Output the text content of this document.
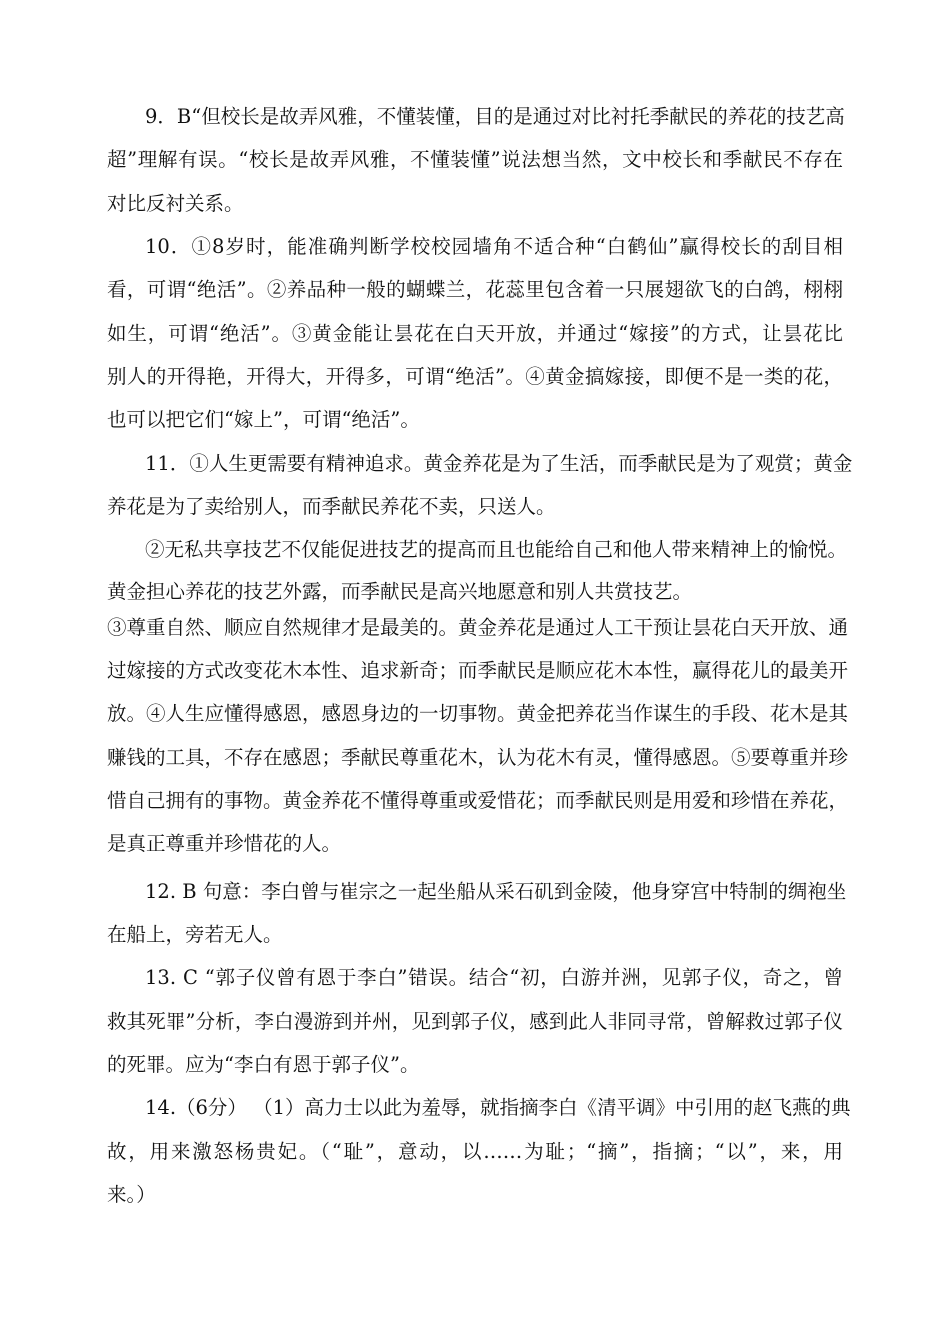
9．B“但校长是故弄风雅，不懂装懂，目的是通过对比衬托季献民的养花的技艺高

超”理解有误。“校长是故弄风雅，不懂装懂”说法想当然，文中校长和季献民不存在

对比反衬关系。

10．①8岁时，能准确判断学校校园墙角不适合种“白鹤仙”赢得校长的刮目相

看，可谓“绝活”。②养品种一般的蝴蝶兰，花蕊里包含着一只展翅欲飞的白鸽，栩栩

如生，可谓“绝活”。③黄金能让昙花在白天开放，并通过“嫁接”的方式，让昙花比

别人的开得艳，开得大，开得多，可谓“绝活”。④黄金搞嫁接，即便不是一类的花，

也可以把它们“嫁上”，可谓“绝活”。

11．①人生更需要有精神追求。黄金养花是为了生活，而季献民是为了观赏；黄金

养花是为了卖给别人，而季献民养花不卖，只送人。

②无私共享技艺不仅能促进技艺的提高而且也能给自己和他人带来精神上的愉悦。

黄金担心养花的技艺外露，而季献民是高兴地愿意和别人共赏技艺。

③尊重自然、顺应自然规律才是最美的。黄金养花是通过人工干预让昙花白天开放、通

过嫁接的方式改变花木本性、追求新奇；而季献民是顺应花木本性，赢得花儿的最美开

放。④人生应懂得感恩，感恩身边的一切事物。黄金把养花当作谋生的手段、花木是其

赚钱的工具，不存在感恩；季献民尊重花木，认为花木有灵，懂得感恩。⑤要尊重并珍

惜自己拥有的事物。黄金养花不懂得尊重或爱惜花；而季献民则是用爱和珍惜在养花，

是真正尊重并珍惜花的人。

12. B 句意：李白曾与崔宗之一起坐船从采石矶到金陵，他身穿宫中特制的绸袍坐

在船上，旁若无人。

13. C “郭子仪曾有恩于李白”错误。结合“初，白游并洲，见郭子仪，奇之，曾

救其死罪”分析，李白漫游到并州，见到郭子仪，感到此人非同寻常，曾解救过郭子仪

的死罪。应为“李白有恩于郭子仪”。

14.（6分） （1）高力士以此为羞辱，就指摘李白《清平调》中引用的赵飞燕的典

故，用来激怒杨贵妃。（“耻”，意动，以……为耻；“摘”，指摘；“以”，来，用

来。）
